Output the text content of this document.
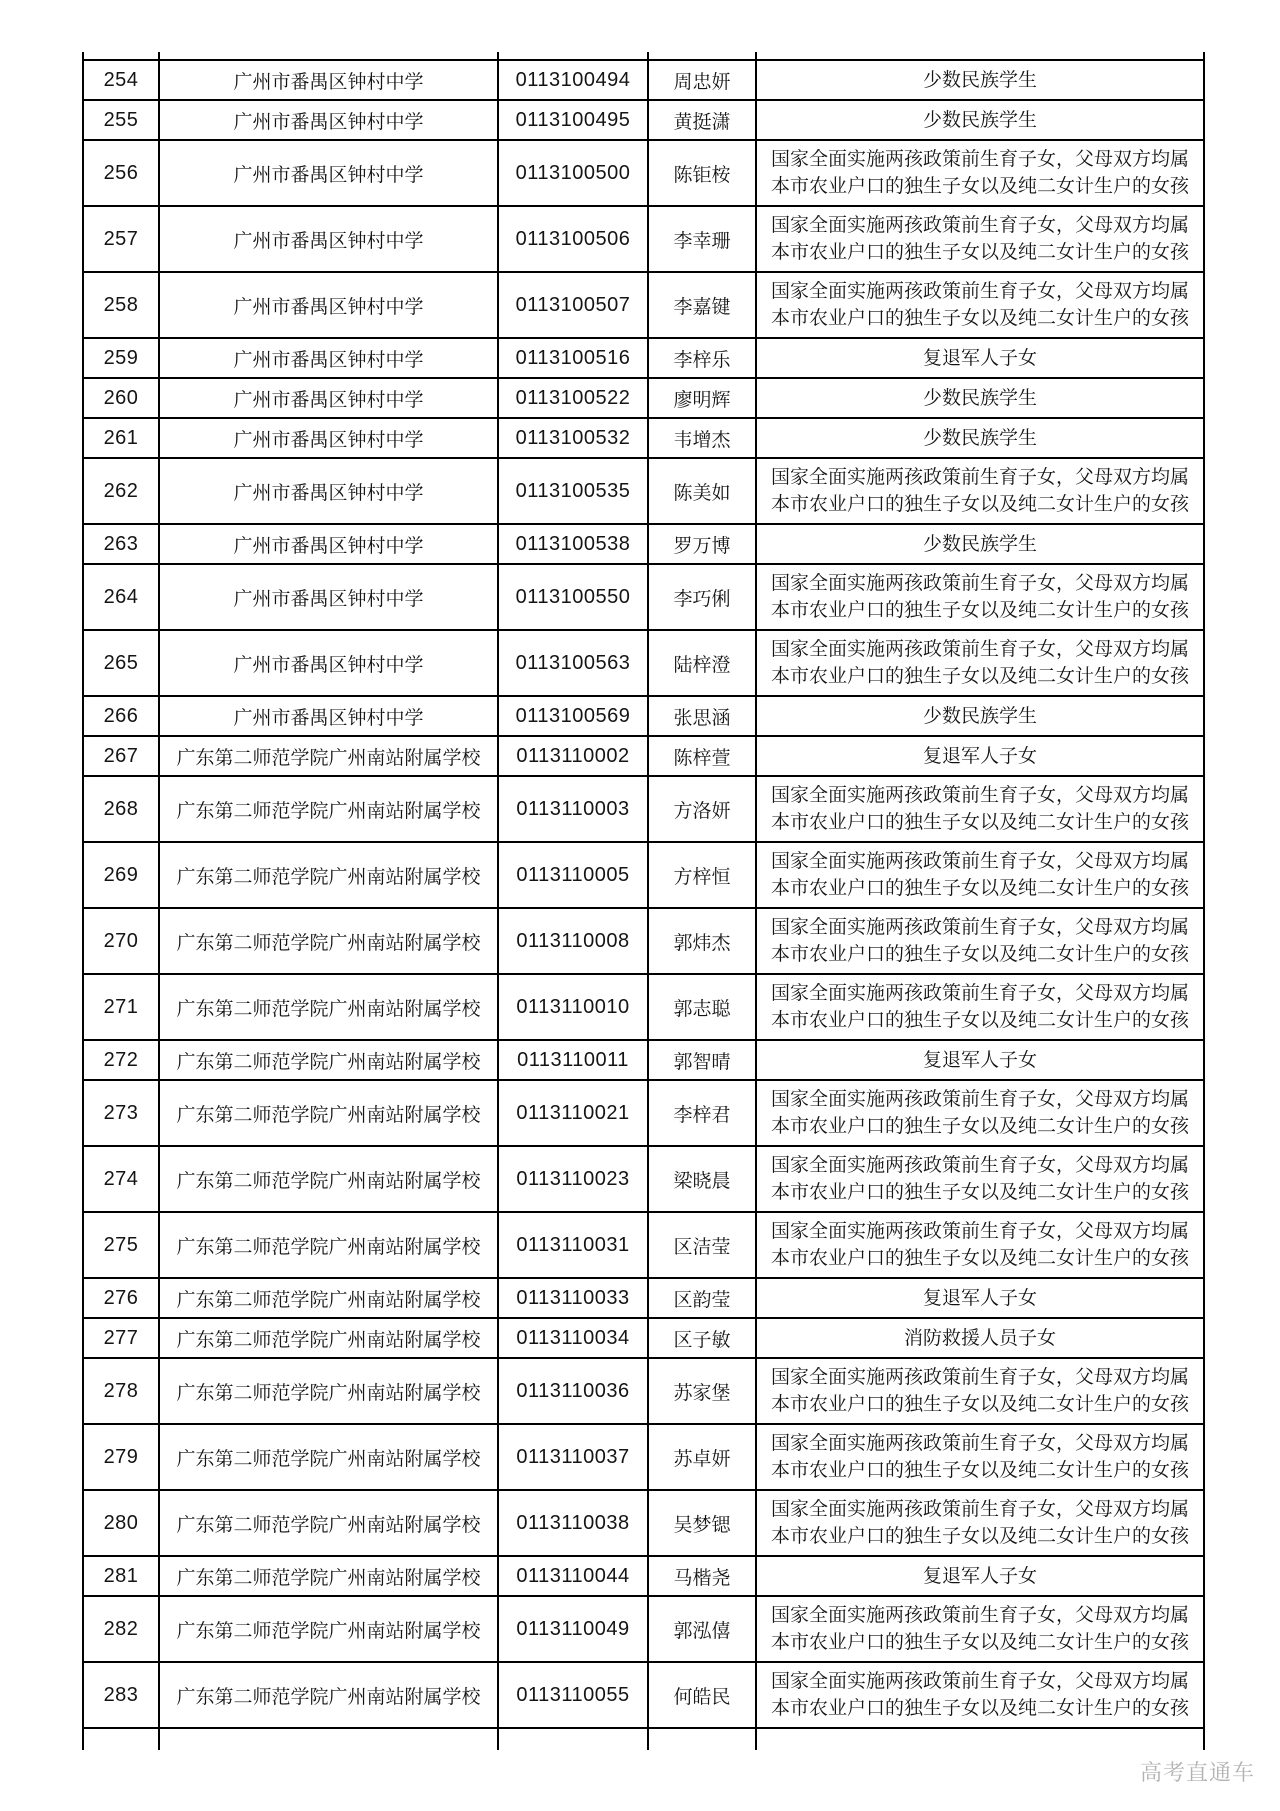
254	广州市番禺区钟村中学	0113100494	周忠妍	少数民族学生
255	广州市番禺区钟村中学	0113100495	黄挺潇	少数民族学生
256	广州市番禺区钟村中学	0113100500	陈钜桉	国家全面实施两孩政策前生育子女，父母双方均属本市农业户口的独生子女以及纯二女计生户的女孩
257	广州市番禺区钟村中学	0113100506	李幸珊	国家全面实施两孩政策前生育子女，父母双方均属本市农业户口的独生子女以及纯二女计生户的女孩
258	广州市番禺区钟村中学	0113100507	李嘉键	国家全面实施两孩政策前生育子女，父母双方均属本市农业户口的独生子女以及纯二女计生户的女孩
259	广州市番禺区钟村中学	0113100516	李梓乐	复退军人子女
260	广州市番禺区钟村中学	0113100522	廖明辉	少数民族学生
261	广州市番禺区钟村中学	0113100532	韦增杰	少数民族学生
262	广州市番禺区钟村中学	0113100535	陈美如	国家全面实施两孩政策前生育子女，父母双方均属本市农业户口的独生子女以及纯二女计生户的女孩
263	广州市番禺区钟村中学	0113100538	罗万博	少数民族学生
264	广州市番禺区钟村中学	0113100550	李巧俐	国家全面实施两孩政策前生育子女，父母双方均属本市农业户口的独生子女以及纯二女计生户的女孩
265	广州市番禺区钟村中学	0113100563	陆梓澄	国家全面实施两孩政策前生育子女，父母双方均属本市农业户口的独生子女以及纯二女计生户的女孩
266	广州市番禺区钟村中学	0113100569	张思涵	少数民族学生
267	广东第二师范学院广州南站附属学校	0113110002	陈梓萱	复退军人子女
268	广东第二师范学院广州南站附属学校	0113110003	方洛妍	国家全面实施两孩政策前生育子女，父母双方均属本市农业户口的独生子女以及纯二女计生户的女孩
269	广东第二师范学院广州南站附属学校	0113110005	方梓恒	国家全面实施两孩政策前生育子女，父母双方均属本市农业户口的独生子女以及纯二女计生户的女孩
270	广东第二师范学院广州南站附属学校	0113110008	郭炜杰	国家全面实施两孩政策前生育子女，父母双方均属本市农业户口的独生子女以及纯二女计生户的女孩
271	广东第二师范学院广州南站附属学校	0113110010	郭志聪	国家全面实施两孩政策前生育子女，父母双方均属本市农业户口的独生子女以及纯二女计生户的女孩
272	广东第二师范学院广州南站附属学校	0113110011	郭智晴	复退军人子女
273	广东第二师范学院广州南站附属学校	0113110021	李梓君	国家全面实施两孩政策前生育子女，父母双方均属本市农业户口的独生子女以及纯二女计生户的女孩
274	广东第二师范学院广州南站附属学校	0113110023	梁晓晨	国家全面实施两孩政策前生育子女，父母双方均属本市农业户口的独生子女以及纯二女计生户的女孩
275	广东第二师范学院广州南站附属学校	0113110031	区洁莹	国家全面实施两孩政策前生育子女，父母双方均属本市农业户口的独生子女以及纯二女计生户的女孩
276	广东第二师范学院广州南站附属学校	0113110033	区韵莹	复退军人子女
277	广东第二师范学院广州南站附属学校	0113110034	区子敏	消防救援人员子女
278	广东第二师范学院广州南站附属学校	0113110036	苏家堡	国家全面实施两孩政策前生育子女，父母双方均属本市农业户口的独生子女以及纯二女计生户的女孩
279	广东第二师范学院广州南站附属学校	0113110037	苏卓妍	国家全面实施两孩政策前生育子女，父母双方均属本市农业户口的独生子女以及纯二女计生户的女孩
280	广东第二师范学院广州南站附属学校	0113110038	吴梦锶	国家全面实施两孩政策前生育子女，父母双方均属本市农业户口的独生子女以及纯二女计生户的女孩
281	广东第二师范学院广州南站附属学校	0113110044	马楷尧	复退军人子女
282	广东第二师范学院广州南站附属学校	0113110049	郭泓僖	国家全面实施两孩政策前生育子女，父母双方均属本市农业户口的独生子女以及纯二女计生户的女孩
283	广东第二师范学院广州南站附属学校	0113110055	何皓民	国家全面实施两孩政策前生育子女，父母双方均属本市农业户口的独生子女以及纯二女计生户的女孩

高考直通车
